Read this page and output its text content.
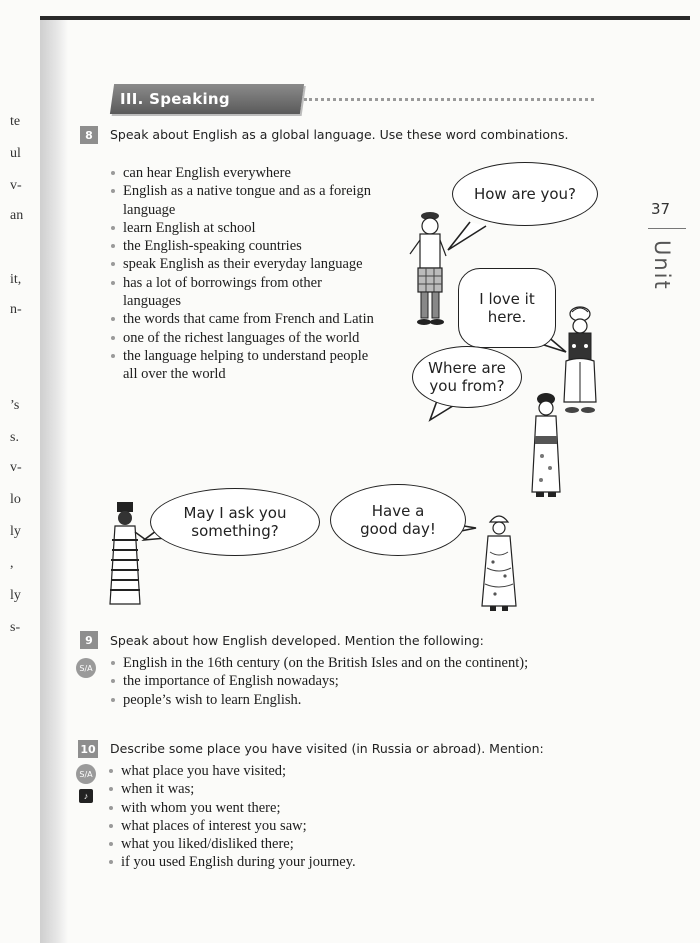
te
ul
v-
an
it,
n-
’s
s.
v-
lo
ly
,
ly
s-
III. Speaking
37
Unit
8	Speak about English as a global language. Use these word combinations.
can hear English everywhere
English as a native tongue and as a foreign language
learn English at school
the English-speaking countries
speak English as their everyday language
has a lot of borrowings from other languages
the words that came from French and Latin
one of the richest languages of the world
the language helping to understand people all over the world
How are you?
I love it here.
Where are you from?
May I ask you something?
Have a good day!
9	Speak about how English developed. Mention the following:
S/A	English in the 16th century (on the British Isles and on the continent);
the importance of English nowadays;
people’s wish to learn English.
10 Describe some place you have visited (in Russia or abroad). Mention:
S/A
♪
what place you have visited;
when it was;
with whom you went there;
what places of interest you saw;
what you liked/disliked there;
if you used English during your journey.
